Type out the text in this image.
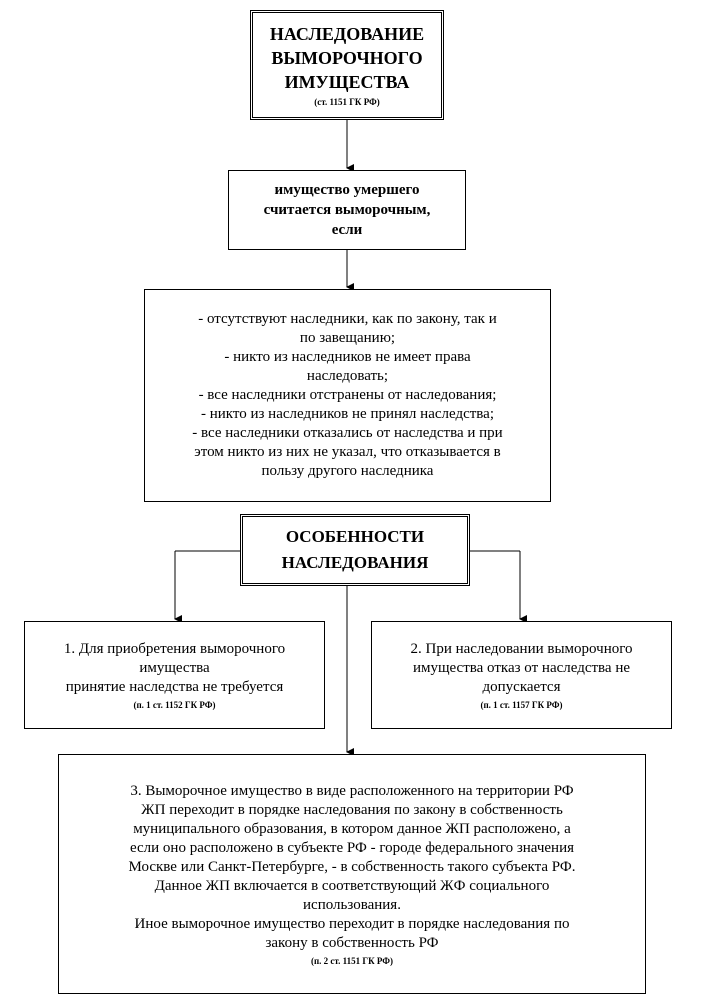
НАСЛЕДОВАНИЕ
ВЫМОРОЧНОГО
ИМУЩЕСТВА
(ст. 1151 ГК РФ)
имущество умершего
считается выморочным,
если
- отсутствуют наследники, как по закону, так и
по завещанию;
- никто из наследников не имеет права
наследовать;
- все наследники отстранены от наследования;
- никто из наследников не принял наследства;
- все наследники отказались от наследства и при
этом никто из них не указал, что отказывается в
пользу другого наследника
ОСОБЕННОСТИ
НАСЛЕДОВАНИЯ
1. Для приобретения выморочного
имущества
принятие наследства не требуется
(п. 1 ст. 1152 ГК РФ)
2. При наследовании выморочного
имущества отказ от наследства не
допускается
(п. 1 ст. 1157 ГК РФ)
3. Выморочное имущество в виде расположенного на территории РФ
ЖП переходит в порядке наследования по закону в собственность
муниципального образования, в котором данное ЖП расположено, а
если оно расположено в субъекте РФ - городе федерального значения
Москве или Санкт-Петербурге, - в собственность такого субъекта РФ.
Данное ЖП включается в соответствующий ЖФ социального
использования.
Иное выморочное имущество переходит в порядке наследования по
закону в собственность РФ
(п. 2 ст. 1151 ГК РФ)
